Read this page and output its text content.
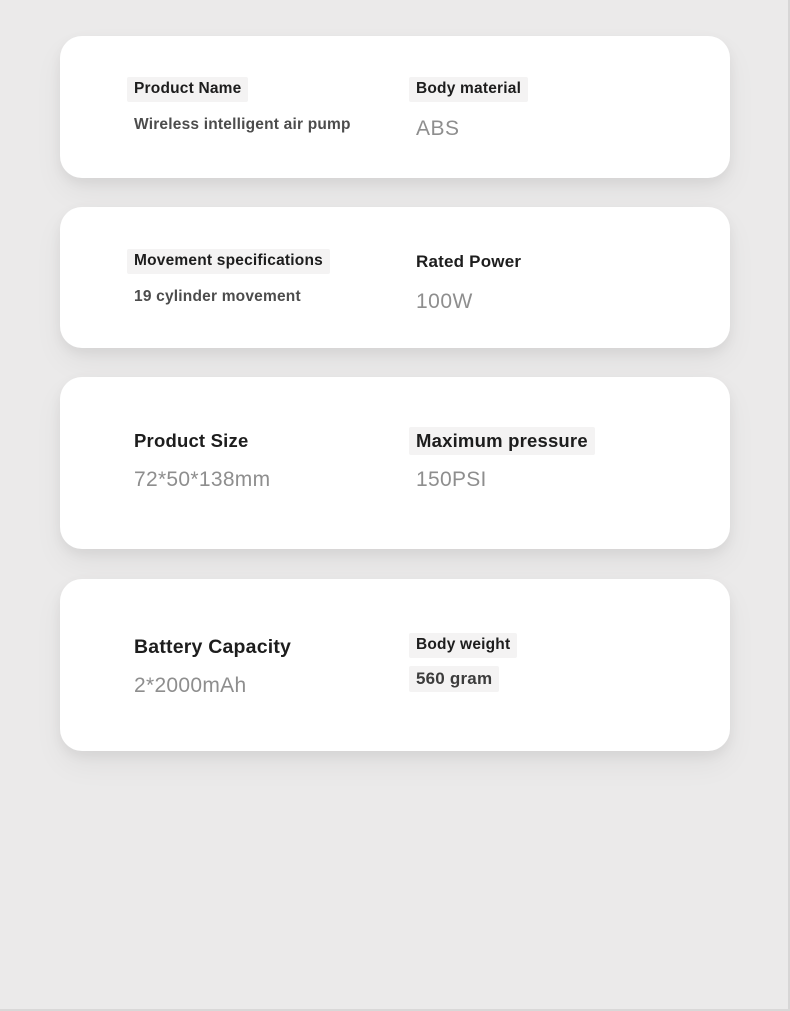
Product Name
Wireless intelligent air pump
Body material
ABS
Movement specifications
19 cylinder movement
Rated Power
100W
Product Size
72*50*138mm
Maximum pressure
150PSI
Battery Capacity
2*2000mAh
Body weight
560 gram
